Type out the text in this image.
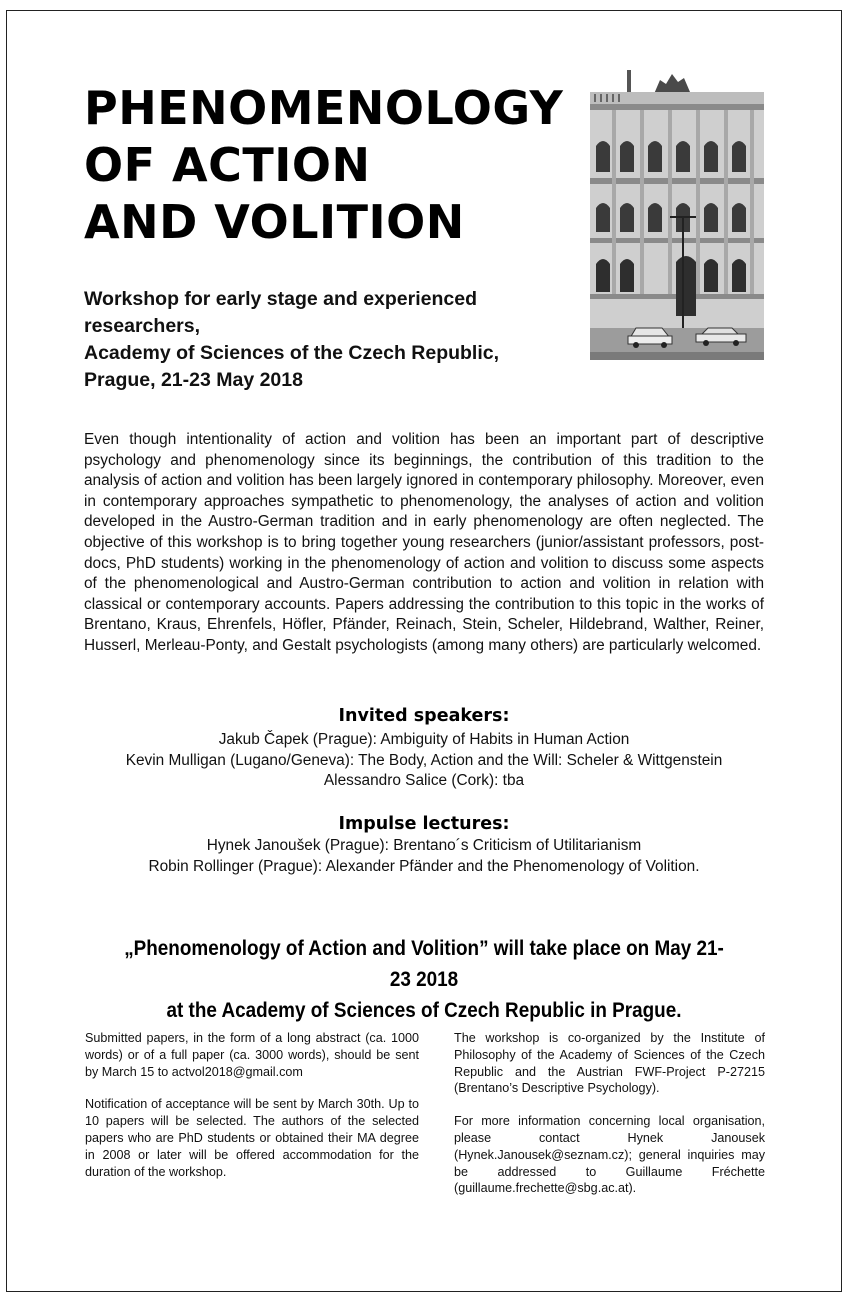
PHENOMENOLOGY
OF ACTION
AND VOLITION
Workshop for early stage and experienced researchers,
Academy of Sciences of the Czech Republic,
Prague, 21-23 May 2018

Even though intentionality of action and volition has been an important part of descriptive psychology and phenomenology since its beginnings, the contribution of this tradition to the analysis of action and volition has been largely ignored in contemporary philosophy. Moreover, even in contemporary approaches sympathetic to phenomenology, the analyses of action and volition developed in the Austro-German tradition and in early phenomenology are often neglected. The objective of this workshop is to bring together young researchers (junior/assistant professors, post-docs, PhD students) working in the phenomenology of action and volition to discuss some aspects of the phenomenological and Austro-German contribution to action and volition in relation with classical or contemporary accounts. Papers addressing the contribution to this topic in the works of Brentano, Kraus, Ehrenfels, Höfler, Pfänder, Reinach, Stein, Scheler, Hildebrand, Walther, Reiner, Husserl, Merleau-Ponty, and Gestalt psychologists (among many others) are particularly welcomed.

Invited speakers:
Jakub Čapek (Prague): Ambiguity of Habits in Human Action
Kevin Mulligan (Lugano/Geneva): The Body, Action and the Will: Scheler & Wittgenstein
Alessandro Salice (Cork): tba
Impulse lectures:
Hynek Janoušek (Prague): Brentano´s Criticism of Utilitarianism
Robin Rollinger (Prague): Alexander Pfänder and the Phenomenology of Volition.
„Phenomenology of Action and Volition” will take place on May 21-23 2018
at the Academy of Sciences of Czech Republic in Prague.

Submitted papers, in the form of a long abstract (ca. 1000 words) or of a full paper (ca. 3000 words), should be sent by March 15 to actvol2018@gmail.com

Notification of acceptance will be sent by March 30th. Up to 10 papers will be selected. The authors of the selected papers who are PhD students or obtained their MA degree in 2008 or later will be offered accommodation for the duration of the workshop.

The workshop is co-organized by the Institute of Philosophy of the Academy of Sciences of the Czech Republic and the Austrian FWF-Project P-27215 (Brentano’s Descriptive Psychology).

For more information concerning local organisation, please contact Hynek Janousek (Hynek.Janousek@seznam.cz); general inquiries may be addressed to Guillaume Fréchette (guillaume.frechette@sbg.ac.at).
